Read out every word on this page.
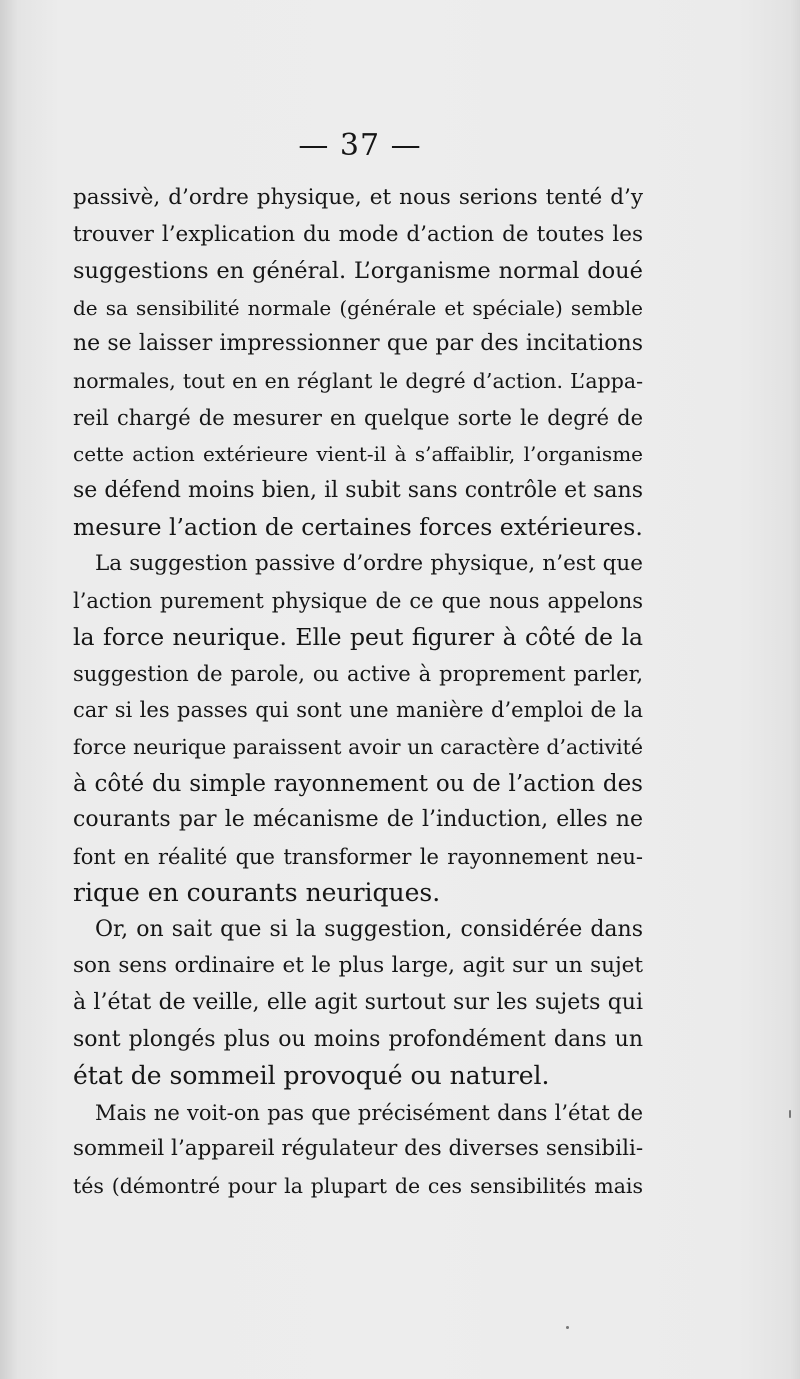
— 37 —
passivè, d’ordre physique, et nous serions tenté d’y
trouver l’explication du mode d’action de toutes les
suggestions en général. L’organisme normal doué
de sa sensibilité normale (générale et spéciale) semble
ne se laisser impressionner que par des incitations
normales, tout en en réglant le degré d’action. L’appa-
reil chargé de mesurer en quelque sorte le degré de
cette action extérieure vient-il à s’affaiblir, l’organisme
se défend moins bien, il subit sans contrôle et sans
mesure l’action de certaines forces extérieures.
La suggestion passive d’ordre physique, n’est que
l’action purement physique de ce que nous appelons
la force neurique. Elle peut figurer à côté de la
suggestion de parole, ou active à proprement parler,
car si les passes qui sont une manière d’emploi de la
force neurique paraissent avoir un caractère d’activité
à côté du simple rayonnement ou de l’action des
courants par le mécanisme de l’induction, elles ne
font en réalité que transformer le rayonnement neu-
rique en courants neuriques.
Or, on sait que si la suggestion, considérée dans
son sens ordinaire et le plus large, agit sur un sujet
à l’état de veille, elle agit surtout sur les sujets qui
sont plongés plus ou moins profondément dans un
état de sommeil provoqué ou naturel.
Mais ne voit-on pas que précisément dans l’état de
sommeil l’appareil régulateur des diverses sensibili-
tés (démontré pour la plupart de ces sensibilités mais
